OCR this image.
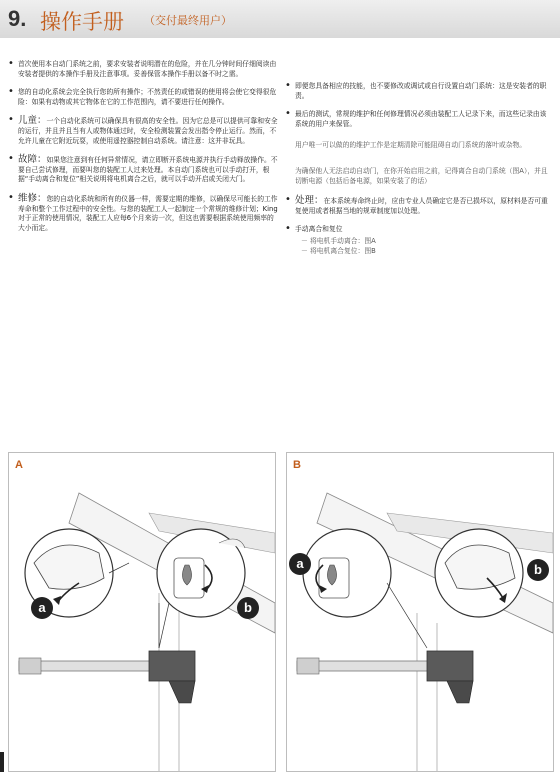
9. 操作手册 （交付最终用户）
• 首次使用本自动门系统之前，要求安装者说明潜在的危险，并在几分钟时间仔细阅读由安装者提供的本操作手册及注意事项。妥善保管本操作手册以备不时之需。
• 您的自动化系统会完全执行您的所有操作；不然责任的或错误的使用将会使它变得很危险：如果有动物或其它物体在它的工作范围内，请不要进行任何操作。
• 儿童：一个自动化系统可以确保具有很高的安全性。因为它总是可以提供可靠和安全的运行，并且并且当有人或物体通过时，安全检测装置会发出指令停止运行。然而，不允许儿童在它附近玩耍，或使用遥控器控制自动系统。请注意：这并非玩具。
• 故障：如果您注意到有任何异常情况，请立即断开系统电源并执行手动释放操作。不要自己尝试修理，而要叫您的装配工人过来处理。本自动门系统也可以手动打开，根据“手动离合和复位”相关说明将电机离合之后，就可以手动开启或关闭大门。
• 维修：您的自动化系统和所有的仪器一样，需要定期的维修，以确保尽可能长的工作寿命和整个工作过程中的安全性。与您的装配工人一起制定一个常规的维修计划；King对于正常的使用情况，装配工人应每6个月来访一次，但这也需要根据系统使用频率的大小而定。
• 即便您具备相应的技能，也不要修改或调试或自行设置自动门系统：这是安装者的职责。
• 最后的测试，常规的维护和任何修理情况必须由装配工人记录下来，而这些记录由该系统的用户来保管。
用户唯一可以做的的维护工作是定期清除可能阻碍自动门系统的落叶或杂物。
为确保他人无法启动自动门，在你开始启用之前，记得离合自动门系统（图A），并且切断电源（包括后备电源，如果安装了的话）
• 处理：在本系统寿命终止时，应由专业人员确定它是否已损坏以，原材料是否可重复使用或者根据当地的规章制度加以处理。
• 手动离合和复位
－ 将电机手动离合：图A
－ 将电机离合复位：图B
A
a	b
B
a	b
